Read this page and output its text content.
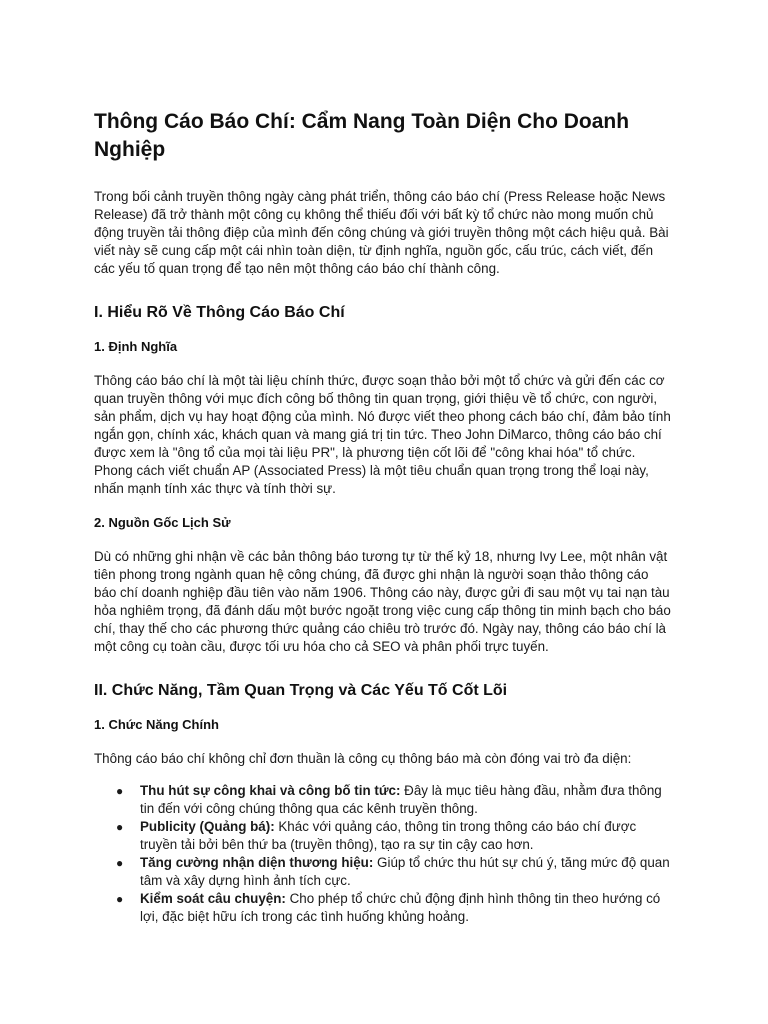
Thông Cáo Báo Chí: Cẩm Nang Toàn Diện Cho Doanh Nghiệp

Trong bối cảnh truyền thông ngày càng phát triển, thông cáo báo chí (Press Release hoặc News Release) đã trở thành một công cụ không thể thiếu đối với bất kỳ tổ chức nào mong muốn chủ động truyền tải thông điệp của mình đến công chúng và giới truyền thông một cách hiệu quả. Bài viết này sẽ cung cấp một cái nhìn toàn diện, từ định nghĩa, nguồn gốc, cấu trúc, cách viết, đến các yếu tố quan trọng để tạo nên một thông cáo báo chí thành công.

I. Hiểu Rõ Về Thông Cáo Báo Chí
1. Định Nghĩa

Thông cáo báo chí là một tài liệu chính thức, được soạn thảo bởi một tổ chức và gửi đến các cơ quan truyền thông với mục đích công bố thông tin quan trọng, giới thiệu về tổ chức, con người, sản phẩm, dịch vụ hay hoạt động của mình. Nó được viết theo phong cách báo chí, đảm bảo tính ngắn gọn, chính xác, khách quan và mang giá trị tin tức. Theo John DiMarco, thông cáo báo chí được xem là "ông tổ của mọi tài liệu PR", là phương tiện cốt lõi để "công khai hóa" tổ chức. Phong cách viết chuẩn AP (Associated Press) là một tiêu chuẩn quan trọng trong thể loại này, nhấn mạnh tính xác thực và tính thời sự.

2. Nguồn Gốc Lịch Sử

Dù có những ghi nhận về các bản thông báo tương tự từ thế kỷ 18, nhưng Ivy Lee, một nhân vật tiên phong trong ngành quan hệ công chúng, đã được ghi nhận là người soạn thảo thông cáo báo chí doanh nghiệp đầu tiên vào năm 1906. Thông cáo này, được gửi đi sau một vụ tai nạn tàu hỏa nghiêm trọng, đã đánh dấu một bước ngoặt trong việc cung cấp thông tin minh bạch cho báo chí, thay thế cho các phương thức quảng cáo chiêu trò trước đó. Ngày nay, thông cáo báo chí là một công cụ toàn cầu, được tối ưu hóa cho cả SEO và phân phối trực tuyến.

II. Chức Năng, Tầm Quan Trọng và Các Yếu Tố Cốt Lõi
1. Chức Năng Chính

Thông cáo báo chí không chỉ đơn thuần là công cụ thông báo mà còn đóng vai trò đa diện:

● Thu hút sự công khai và công bố tin tức: Đây là mục tiêu hàng đầu, nhằm đưa thông tin đến với công chúng thông qua các kênh truyền thông.
● Publicity (Quảng bá): Khác với quảng cáo, thông tin trong thông cáo báo chí được truyền tải bởi bên thứ ba (truyền thông), tạo ra sự tin cậy cao hơn.
● Tăng cường nhận diện thương hiệu: Giúp tổ chức thu hút sự chú ý, tăng mức độ quan tâm và xây dựng hình ảnh tích cực.
● Kiểm soát câu chuyện: Cho phép tổ chức chủ động định hình thông tin theo hướng có lợi, đặc biệt hữu ích trong các tình huống khủng hoảng.
